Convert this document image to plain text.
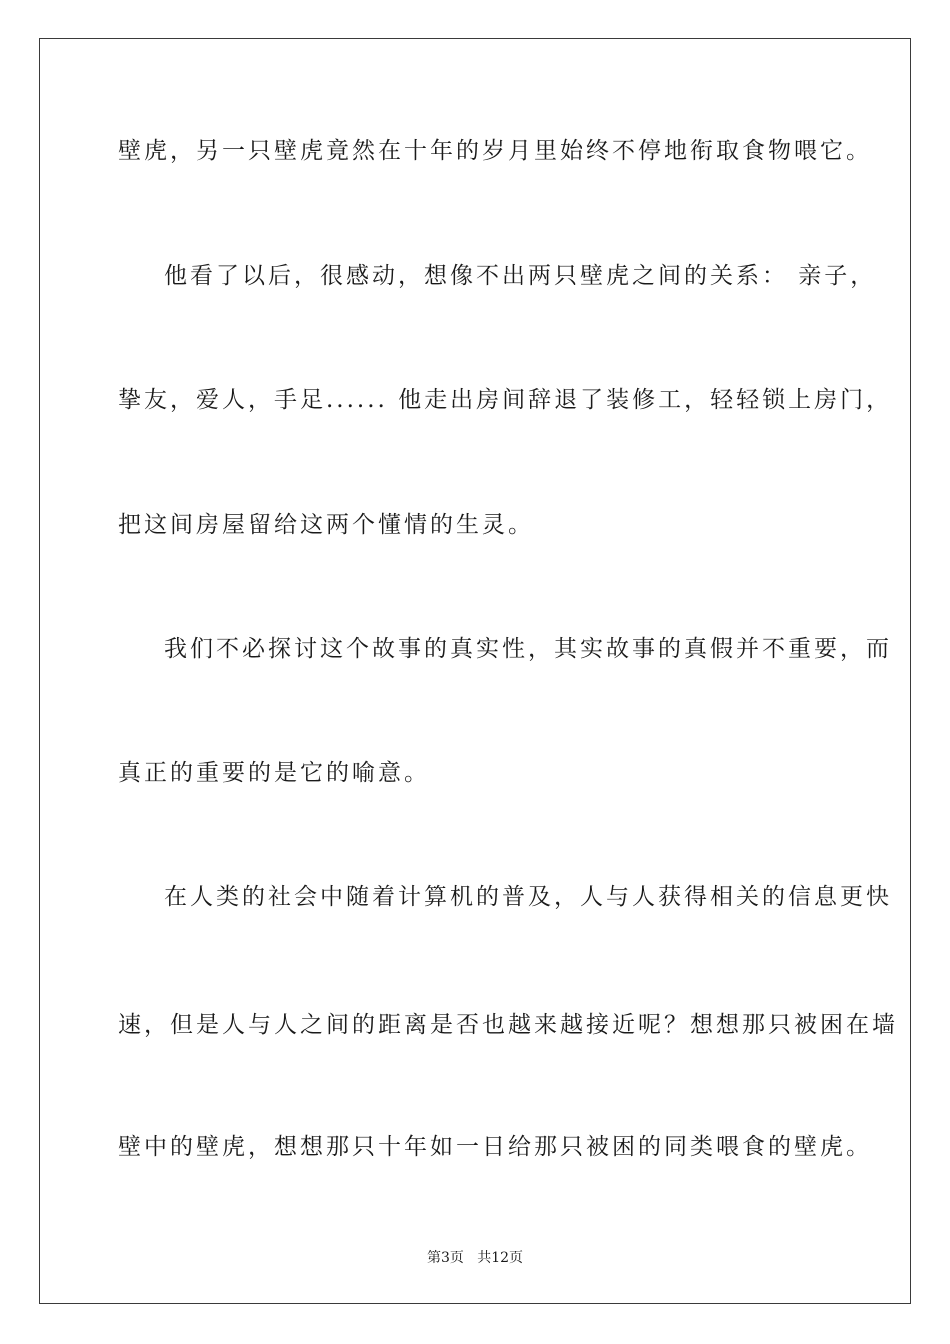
壁虎，另一只壁虎竟然在十年的岁月里始终不停地衔取食物喂它。
他看了以后，很感动，想像不出两只壁虎之间的关系： 亲子，
挚友，爱人，手足...... 他走出房间辞退了装修工，轻轻锁上房门，
把这间房屋留给这两个懂情的生灵。
我们不必探讨这个故事的真实性，其实故事的真假并不重要，而
真正的重要的是它的喻意。
在人类的社会中随着计算机的普及，人与人获得相关的信息更快
速，但是人与人之间的距离是否也越来越接近呢？想想那只被困在墙
壁中的壁虎，想想那只十年如一日给那只被困的同类喂食的壁虎。
第3页   共12页
